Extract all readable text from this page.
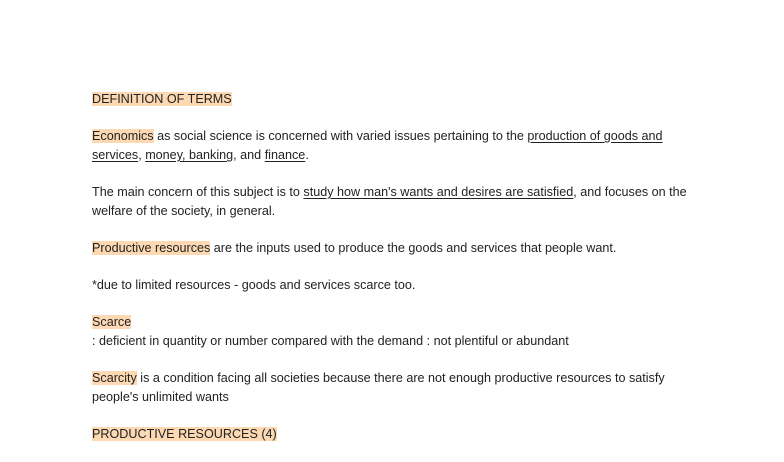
DEFINITION OF TERMS
Economics as social science is concerned with varied issues pertaining to the production of goods and services, money, banking, and finance.
The main concern of this subject is to study how man's wants and desires are satisfied, and focuses on the welfare of the society, in general.
Productive resources are the inputs used to produce the goods and services that people want.
*due to limited resources - goods and services scarce too.
Scarce
: deficient in quantity or number compared with the demand : not plentiful or abundant
Scarcity is a condition facing all societies because there are not enough productive resources to satisfy people's unlimited wants
PRODUCTIVE RESOURCES (4)
